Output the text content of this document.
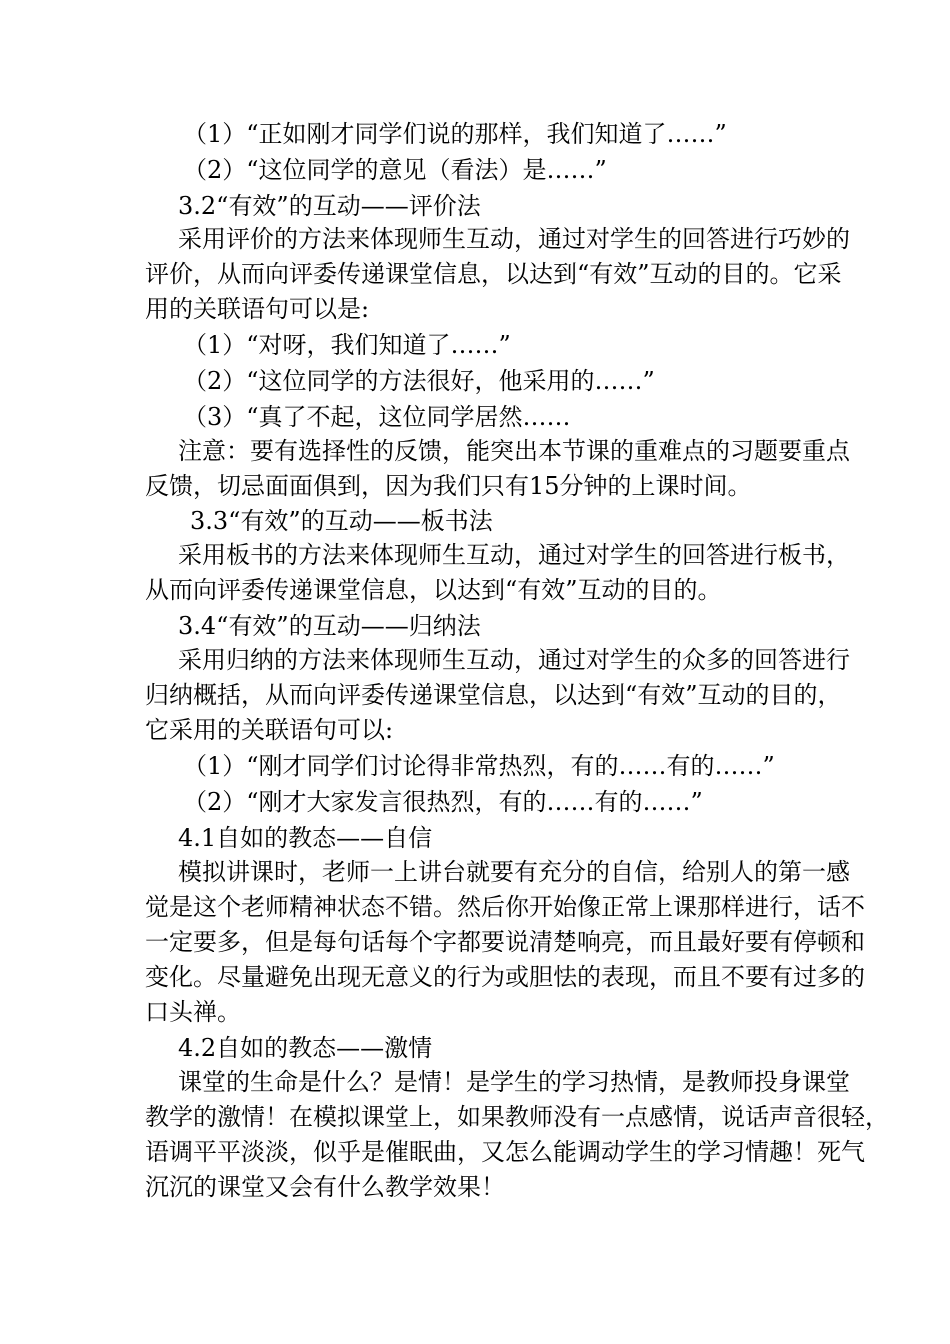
（1）“正如刚才同学们说的那样，我们知道了……”
（2）“这位同学的意见（看法）是……”
3.2“有效”的互动——评价法
采用评价的方法来体现师生互动，通过对学生的回答进行巧妙的
评价，从而向评委传递课堂信息，以达到“有效”互动的目的。它采
用的关联语句可以是:
（1）“对呀，我们知道了……”
（2）“这位同学的方法很好，他采用的……”
（3）“真了不起，这位同学居然……
注意：要有选择性的反馈，能突出本节课的重难点的习题要重点
反馈，切忌面面俱到，因为我们只有15分钟的上课时间。
3.3“有效”的互动——板书法
采用板书的方法来体现师生互动，通过对学生的回答进行板书，
从而向评委传递课堂信息，以达到“有效”互动的目的。
3.4“有效”的互动——归纳法
采用归纳的方法来体现师生互动，通过对学生的众多的回答进行
归纳概括，从而向评委传递课堂信息，以达到“有效”互动的目的，
它采用的关联语句可以:
（1）“刚才同学们讨论得非常热烈，有的……有的……”
（2）“刚才大家发言很热烈，有的……有的……”
4.1自如的教态——自信
模拟讲课时，老师一上讲台就要有充分的自信，给别人的第一感
觉是这个老师精神状态不错。然后你开始像正常上课那样进行，话不
一定要多，但是每句话每个字都要说清楚响亮，而且最好要有停顿和
变化。尽量避免出现无意义的行为或胆怯的表现，而且不要有过多的
口头禅。
4.2自如的教态——激情
课堂的生命是什么？是情！是学生的学习热情，是教师投身课堂
教学的激情！在模拟课堂上，如果教师没有一点感情，说话声音很轻，
语调平平淡淡，似乎是催眠曲，又怎么能调动学生的学习情趣！死气
沉沉的课堂又会有什么教学效果！
